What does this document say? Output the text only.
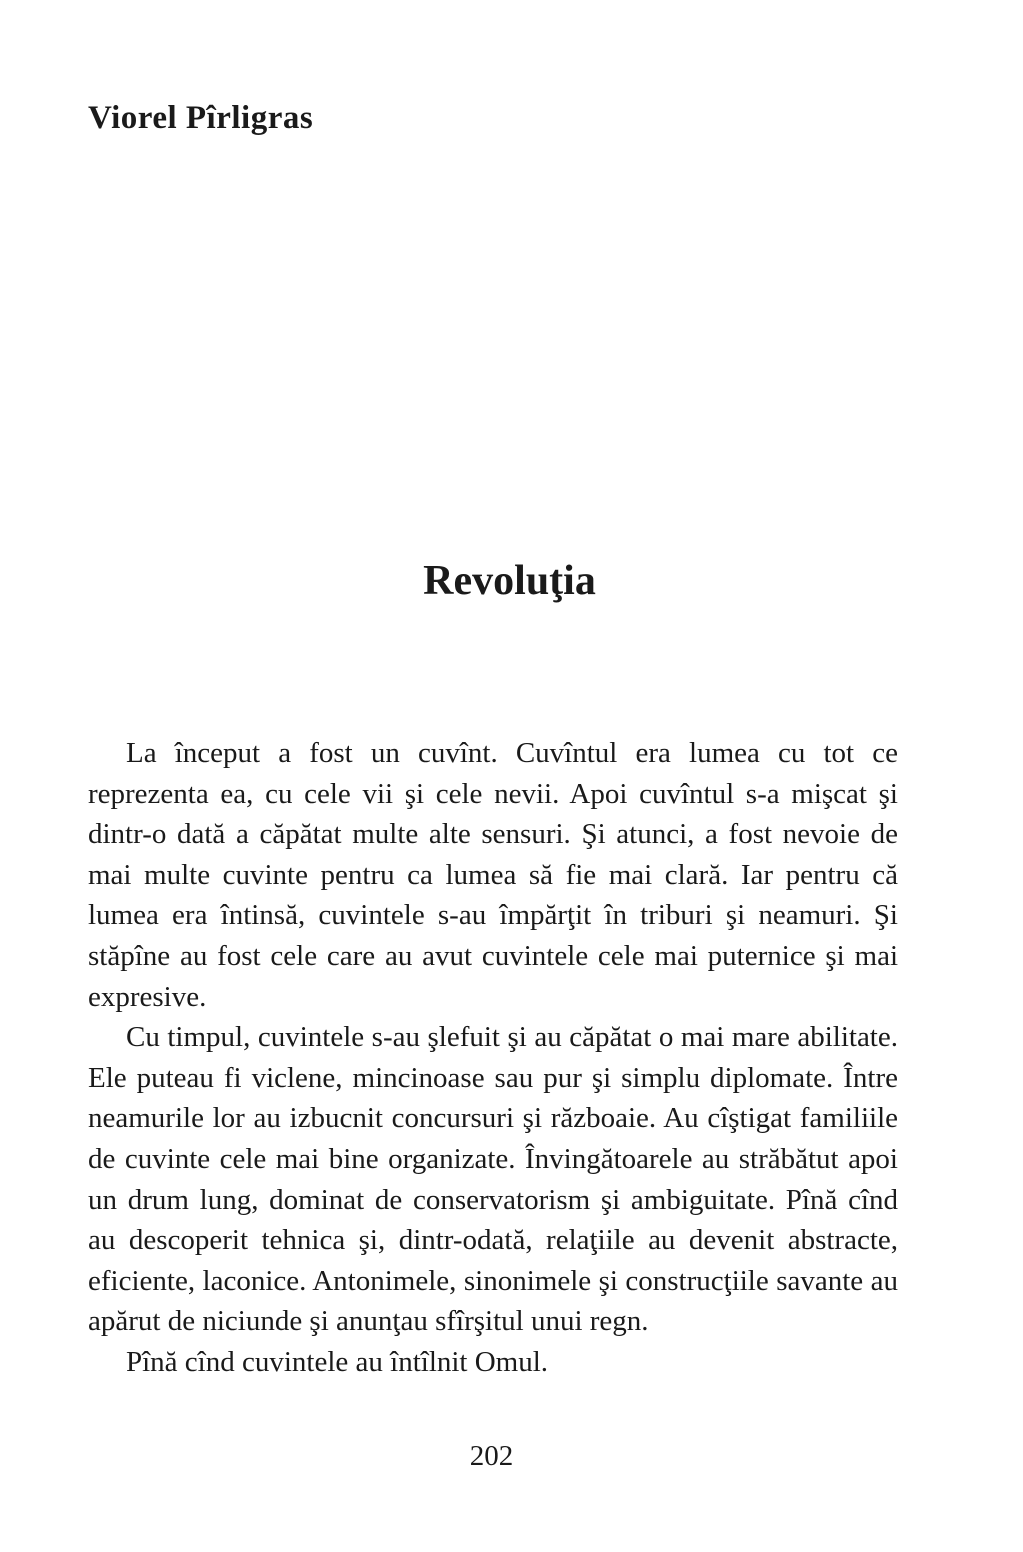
Viorel Pîrligras
Revoluţia

La început a fost un cuvînt. Cuvîntul era lumea cu tot ce reprezenta ea, cu cele vii şi cele nevii. Apoi cuvîntul s-a mişcat şi dintr-o dată a căpătat multe alte sensuri. Şi atunci, a fost nevoie de mai multe cuvinte pentru ca lumea să fie mai clară. Iar pentru că lumea era întinsă, cuvintele s-au împărţit în triburi şi neamuri. Şi stăpîne au fost cele care au avut cuvintele cele mai puternice şi mai expresive.

Cu timpul, cuvintele s-au şlefuit şi au căpătat o mai mare abilitate. Ele puteau fi viclene, mincinoase sau pur şi simplu diplomate. Între neamurile lor au izbucnit concursuri şi războaie. Au cîştigat familiile de cuvinte cele mai bine organizate. Învingătoarele au străbătut apoi un drum lung, dominat de conservatorism şi ambiguitate. Pînă cînd au descoperit tehnica şi, dintr-odată, relaţiile au devenit abstracte, eficiente, laconice. Antonimele, sinonimele şi construcţiile savante au apărut de niciunde şi anunţau sfîrşitul unui regn.

Pînă cînd cuvintele au întîlnit Omul.

202
